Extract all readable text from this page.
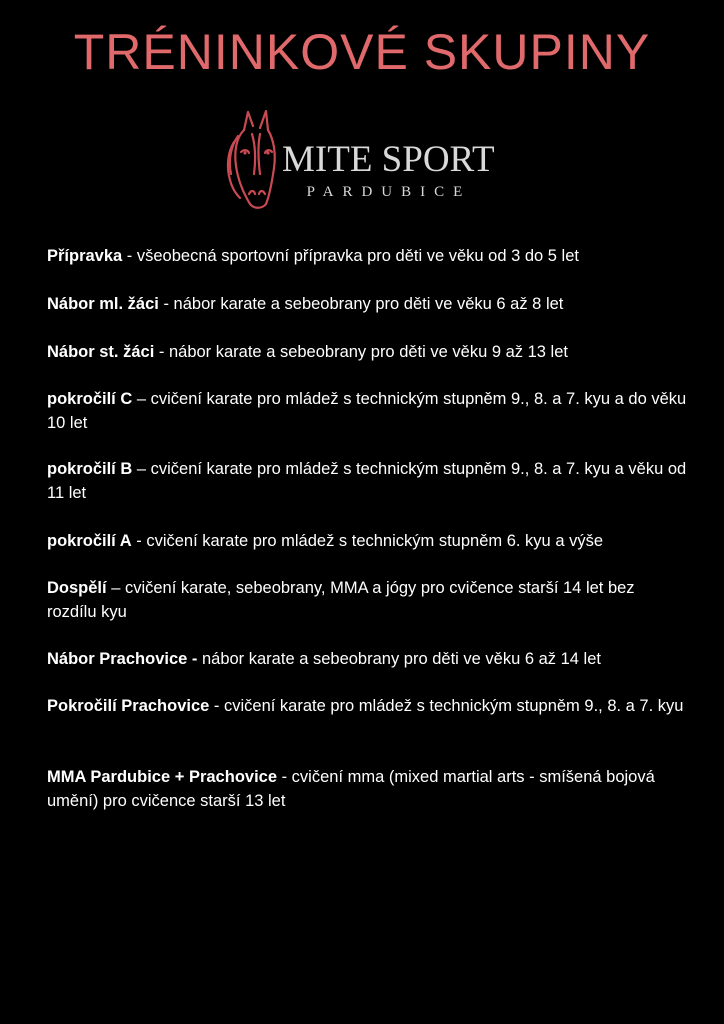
TRÉNINKOVÉ SKUPINY
MITE SPORT
PARDUBICE

Přípravka - všeobecná sportovní přípravka pro děti ve věku od 3 do 5 let

Nábor ml. žáci - nábor karate a sebeobrany pro děti ve věku 6 až 8 let

Nábor st. žáci - nábor karate a sebeobrany pro děti ve věku 9 až 13 let

pokročilí C – cvičení karate pro mládež s technickým stupněm 9., 8. a 7. kyu a do věku 10 let

pokročilí B – cvičení karate pro mládež s technickým stupněm 9., 8. a 7. kyu a věku od 11 let

pokročilí A - cvičení karate pro mládež s technickým stupněm 6. kyu a výše

Dospělí – cvičení karate, sebeobrany, MMA a jógy pro cvičence starší 14 let bez rozdílu kyu

Nábor Prachovice - nábor karate a sebeobrany pro děti ve věku 6 až 14 let

Pokročilí Prachovice - cvičení karate pro mládež s technickým stupněm 9., 8. a 7. kyu

MMA Pardubice + Prachovice - cvičení mma (mixed martial arts - smíšená bojová umění) pro cvičence starší 13 let
